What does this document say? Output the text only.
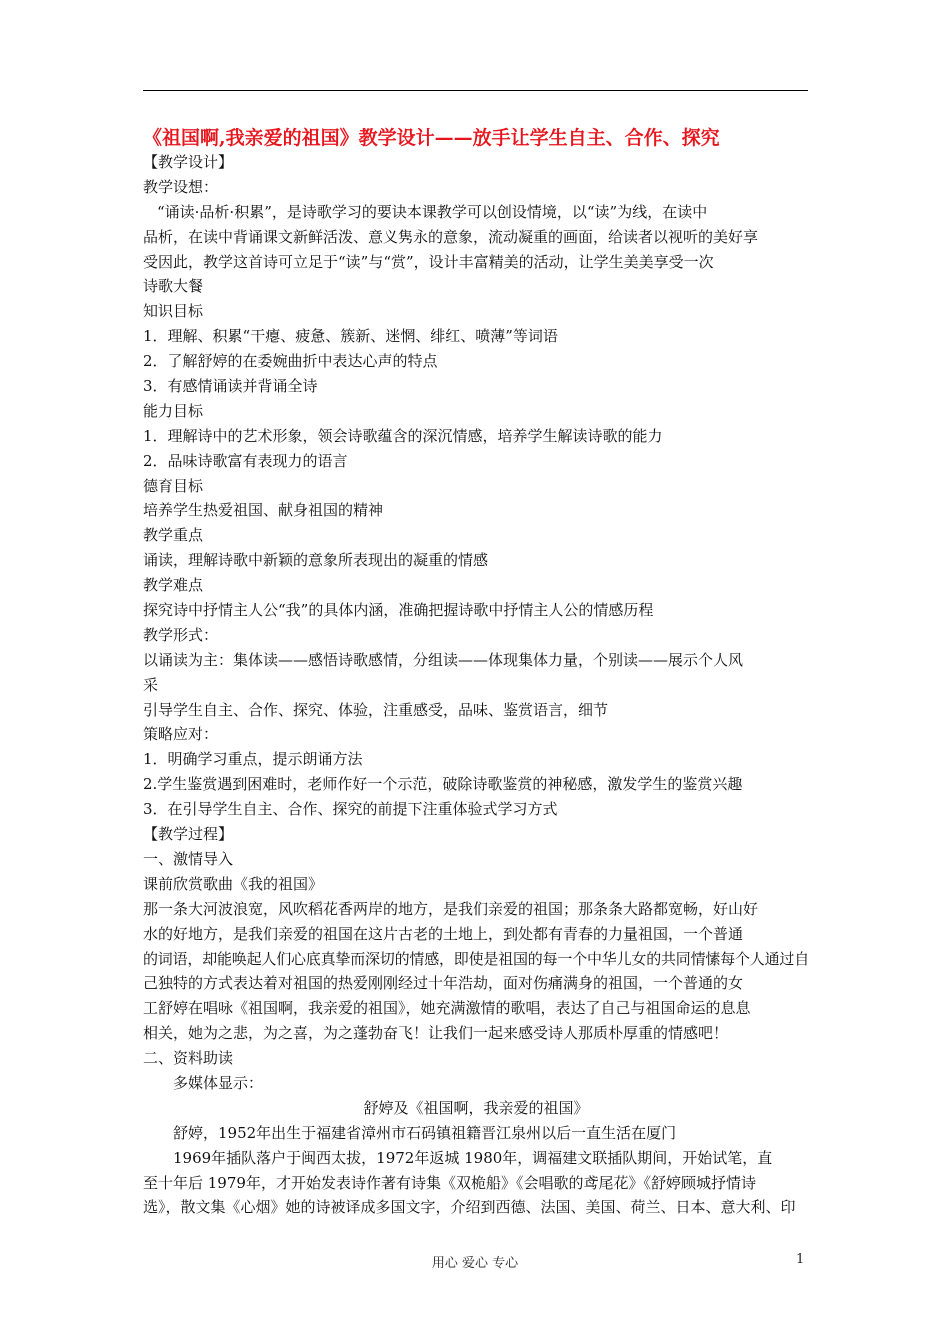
《祖国啊,我亲爱的祖国》教学设计——放手让学生自主、合作、探究
【教学设计】
教学设想：
“诵读·品析·积累”，是诗歌学习的要诀本课教学可以创设情境，以“读”为线，在读中
品析，在读中背诵课文新鲜活泼、意义隽永的意象，流动凝重的画面，给读者以视听的美好享
受因此，教学这首诗可立足于“读”与“赏”，设计丰富精美的活动，让学生美美享受一次
诗歌大餐
知识目标
1．理解、积累“干瘪、疲惫、簇新、迷惘、绯红、喷薄”等词语
2．了解舒婷的在委婉曲折中表达心声的特点
3．有感情诵读并背诵全诗
能力目标
1．理解诗中的艺术形象，领会诗歌蕴含的深沉情感，培养学生解读诗歌的能力
2．品味诗歌富有表现力的语言
德育目标
培养学生热爱祖国、献身祖国的精神
教学重点
诵读，理解诗歌中新颖的意象所表现出的凝重的情感
教学难点
探究诗中抒情主人公“我”的具体内涵，准确把握诗歌中抒情主人公的情感历程
教学形式：
以诵读为主：集体读——感悟诗歌感情，分组读——体现集体力量，个别读——展示个人风
采
引导学生自主、合作、探究、体验，注重感受，品味、鉴赏语言，细节
策略应对：
1．明确学习重点，提示朗诵方法
2.学生鉴赏遇到困难时，老师作好一个示范，破除诗歌鉴赏的神秘感，激发学生的鉴赏兴趣
3．在引导学生自主、合作、探究的前提下注重体验式学习方式
【教学过程】
一、激情导入
课前欣赏歌曲《我的祖国》
那一条大河波浪宽，风吹稻花香两岸的地方，是我们亲爱的祖国；那条条大路都宽畅，好山好
水的好地方，是我们亲爱的祖国在这片古老的土地上，到处都有青春的力量祖国，一个普通
的词语，却能唤起人们心底真挚而深切的情感，即使是祖国的每一个中华儿女的共同情愫每个人通过自
己独特的方式表达着对祖国的热爱刚刚经过十年浩劫，面对伤痛满身的祖国，一个普通的女
工舒婷在唱咏《祖国啊，我亲爱的祖国》，她充满激情的歌唱，表达了自己与祖国命运的息息
相关，她为之悲，为之喜，为之蓬勃奋飞！让我们一起来感受诗人那质朴厚重的情感吧！
二、资料助读
多媒体显示：
舒婷及《祖国啊，我亲爱的祖国》
舒婷，1952年出生于福建省漳州市石码镇祖籍晋江泉州以后一直生活在厦门
1969年插队落户于闽西太拔，1972年返城 1980年，调福建文联插队期间，开始试笔，直
至十年后 1979年，才开始发表诗作著有诗集《双桅船》《会唱歌的鸢尾花》《舒婷顾城抒情诗
选》，散文集《心烟》她的诗被译成多国文字，介绍到西德、法国、美国、荷兰、日本、意大利、印
用心 爱心 专心	1
